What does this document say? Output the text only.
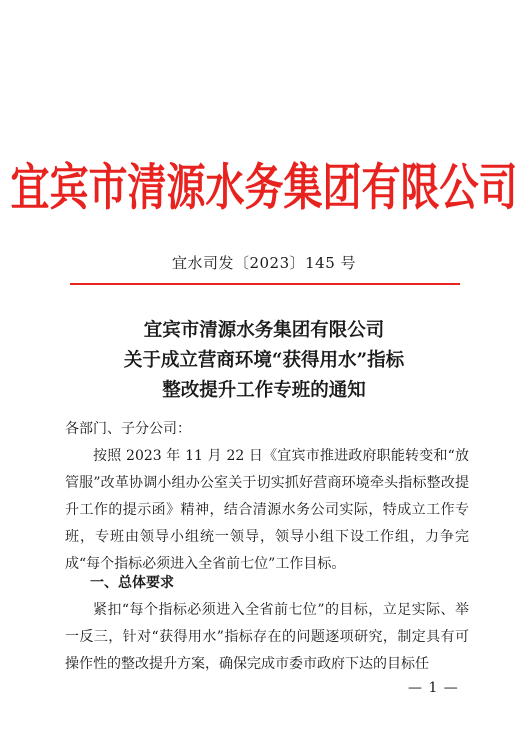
宜宾市清源水务集团有限公司
宜水司发〔2023〕145 号
宜宾市清源水务集团有限公司
关于成立营商环境“获得用水”指标
整改提升工作专班的通知
各部门、子分公司：
按照 2023 年 11 月 22 日《宜宾市推进政府职能转变和“放管服”改革协调小组办公室关于切实抓好营商环境牵头指标整改提升工作的提示函》精神，结合清源水务公司实际，特成立工作专班，专班由领导小组统一领导，领导小组下设工作组，力争完成“每个指标必须进入全省前七位”工作目标。
一、总体要求
紧扣“每个指标必须进入全省前七位”的目标，立足实际、举一反三，针对“获得用水”指标存在的问题逐项研究，制定具有可操作性的整改提升方案，确保完成市委市政府下达的目标任
— 1 —
